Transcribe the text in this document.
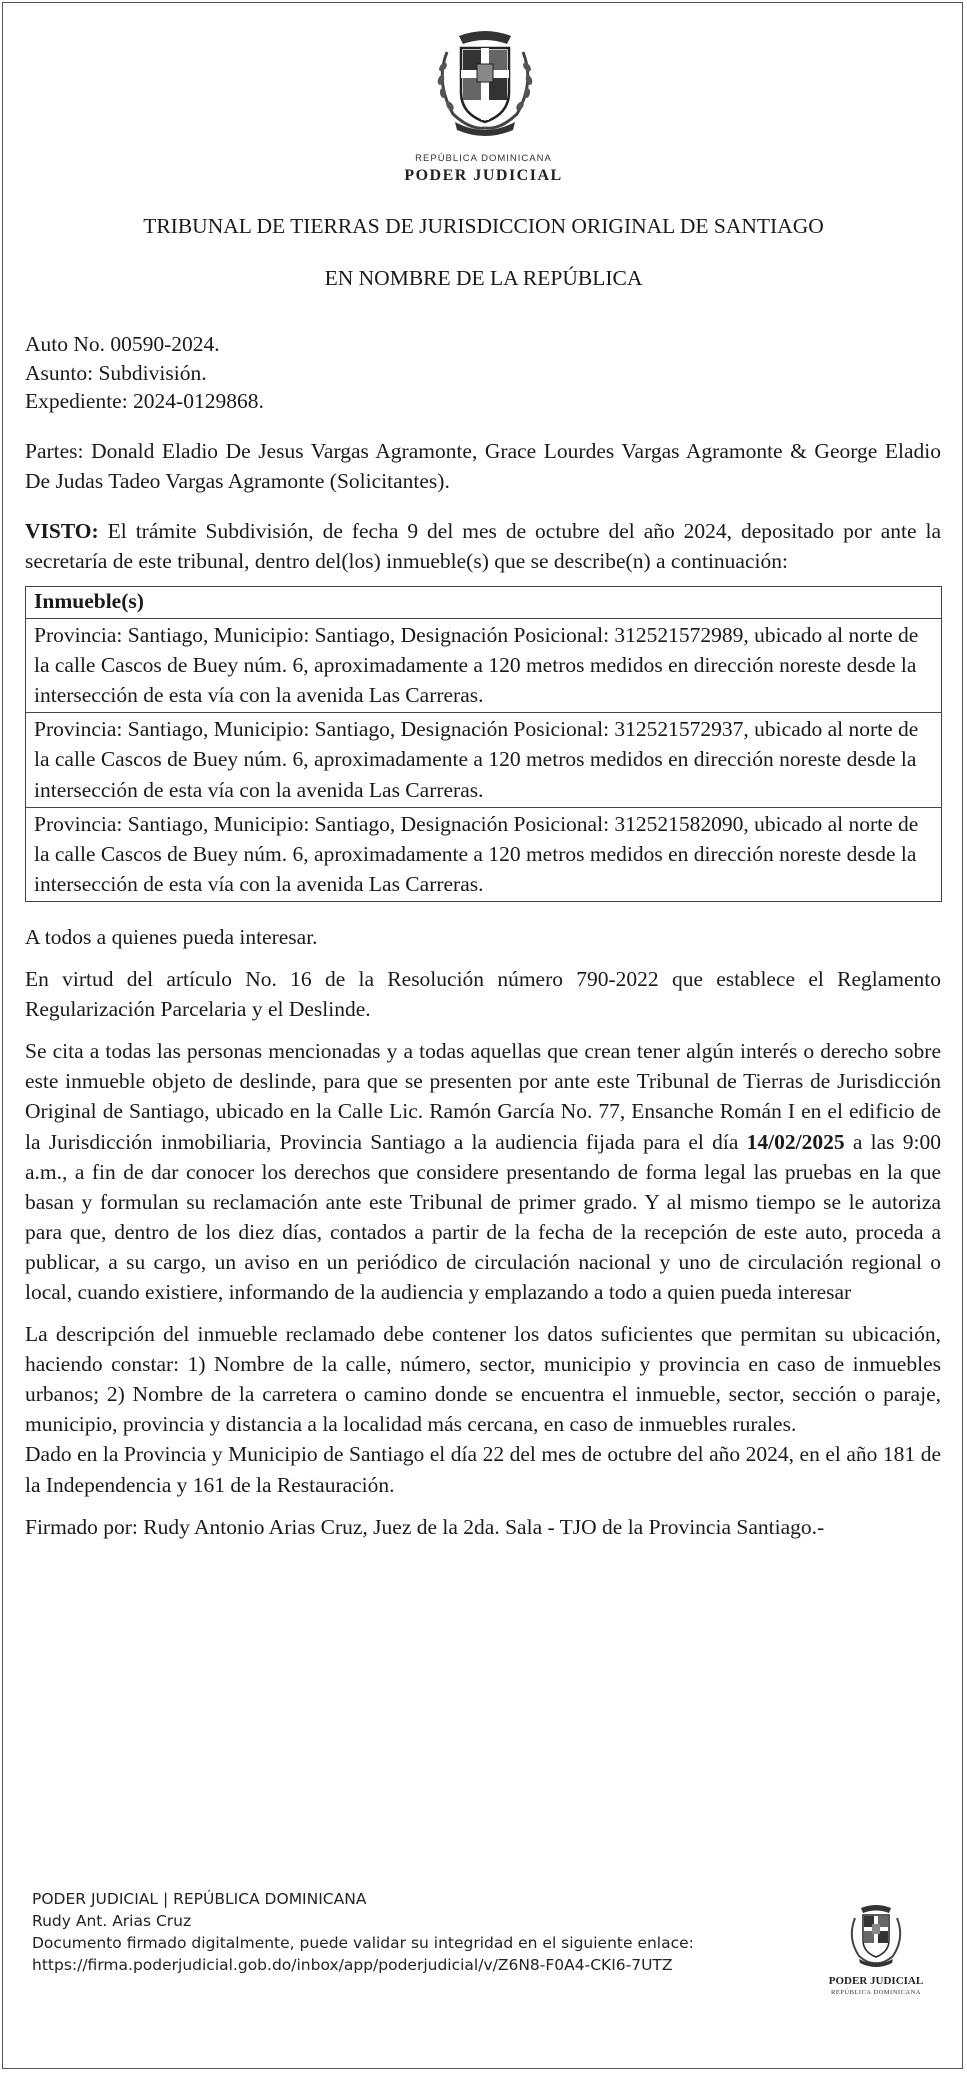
REPÚBLICA DOMINICANA
PODER JUDICIAL
TRIBUNAL DE TIERRAS DE JURISDICCION ORIGINAL DE SANTIAGO
EN NOMBRE DE LA REPÚBLICA
Auto No. 00590-2024.
Asunto: Subdivisión.
Expediente: 2024-0129868.

Partes: Donald Eladio De Jesus Vargas Agramonte, Grace Lourdes Vargas Agramonte & George Eladio De Judas Tadeo Vargas Agramonte (Solicitantes).

VISTO: El trámite Subdivisión, de fecha 9 del mes de octubre del año 2024, depositado por ante la secretaría de este tribunal, dentro del(los) inmueble(s) que se describe(n) a continuación:

Inmueble(s)
Provincia: Santiago, Municipio: Santiago, Designación Posicional: 312521572989, ubicado al norte de la calle Cascos de Buey núm. 6, aproximadamente a 120 metros medidos en dirección noreste desde la intersección de esta vía con la avenida Las Carreras.
Provincia: Santiago, Municipio: Santiago, Designación Posicional: 312521572937, ubicado al norte de la calle Cascos de Buey núm. 6, aproximadamente a 120 metros medidos en dirección noreste desde la intersección de esta vía con la avenida Las Carreras.
Provincia: Santiago, Municipio: Santiago, Designación Posicional: 312521582090, ubicado al norte de la calle Cascos de Buey núm. 6, aproximadamente a 120 metros medidos en dirección noreste desde la intersección de esta vía con la avenida Las Carreras.

A todos a quienes pueda interesar.

En virtud del artículo No. 16 de la Resolución número 790-2022 que establece el Reglamento Regularización Parcelaria y el Deslinde.

Se cita a todas las personas mencionadas y a todas aquellas que crean tener algún interés o derecho sobre este inmueble objeto de deslinde, para que se presenten por ante este Tribunal de Tierras de Jurisdicción Original de Santiago, ubicado en la Calle Lic. Ramón García No. 77, Ensanche Román I en el edificio de la Jurisdicción inmobiliaria, Provincia Santiago a la audiencia fijada para el día 14/02/2025 a las 9:00 a.m., a fin de dar conocer los derechos que considere presentando de forma legal las pruebas en la que basan y formulan su reclamación ante este Tribunal de primer grado. Y al mismo tiempo se le autoriza para que, dentro de los diez días, contados a partir de la fecha de la recepción de este auto, proceda a publicar, a su cargo, un aviso en un periódico de circulación nacional y uno de circulación regional o local, cuando existiere, informando de la audiencia y emplazando a todo a quien pueda interesar

La descripción del inmueble reclamado debe contener los datos suficientes que permitan su ubicación, haciendo constar: 1) Nombre de la calle, número, sector, municipio y provincia en caso de inmuebles urbanos; 2) Nombre de la carretera o camino donde se encuentra el inmueble, sector, sección o paraje, municipio, provincia y distancia a la localidad más cercana, en caso de inmuebles rurales.

Dado en la Provincia y Municipio de Santiago el día 22 del mes de octubre del año 2024, en el año 181 de la Independencia y 161 de la Restauración.

Firmado por: Rudy Antonio Arias Cruz, Juez de la 2da. Sala - TJO de la Provincia Santiago.-

PODER JUDICIAL | REPÚBLICA DOMINICANA
Rudy Ant. Arias Cruz
Documento firmado digitalmente, puede validar su integridad en el siguiente enlace:
https://firma.poderjudicial.gob.do/inbox/app/poderjudicial/v/Z6N8-F0A4-CKI6-7UTZ
PODER JUDICIAL
REPÚBLICA DOMINICANA
